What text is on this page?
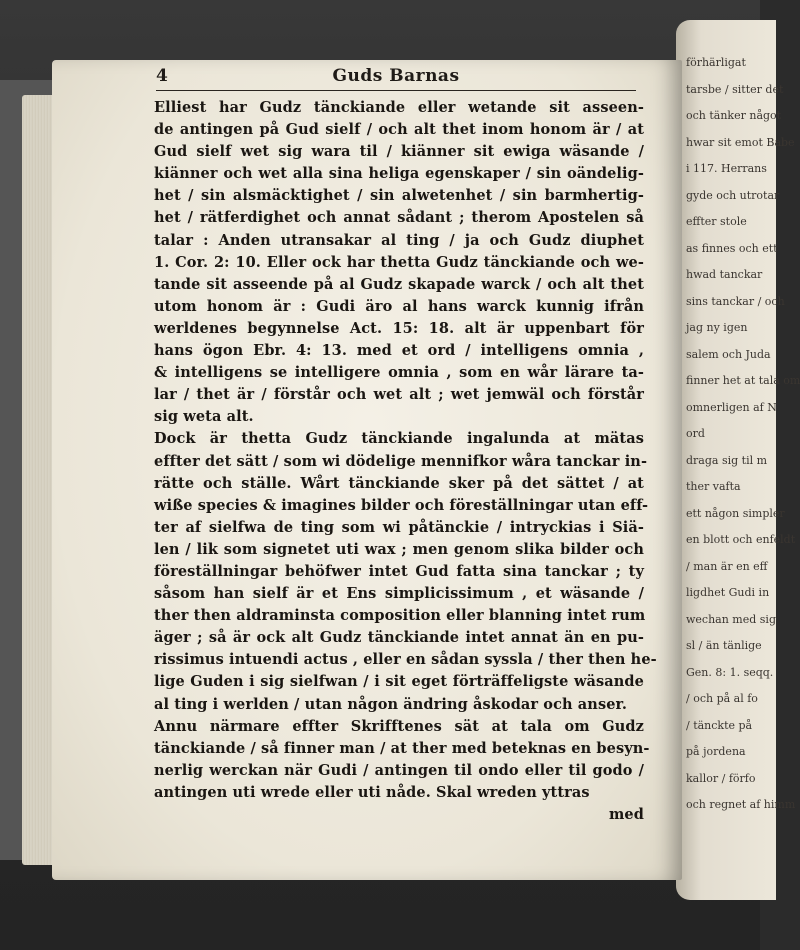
förhärligat
tarsbe / sitter det
och tänker något
hwar sit emot Babe
i 117. Herrans
gyde och utrotar
effter stole
as finnes och ett
hwad tanckar
sins tanckar / och
jag ny igen
salem och Juda
finner het at tala om
omnerligen af N
ord
draga sig til m
ther vafta
ett någon simpler
en blott och enfeldt
/ man är en eff
ligdhet Gudi in
wechan med sig
sl / än tänlige
Gen. 8: 1. seqq.
/ och på al fo
/ tänckte på
på jordena
kallor / förfo
och regnet af himm
4	Guds Barnas
Elliest har Gudz tänckiande eller wetande sit asseen-
de antingen på Gud sielf / och alt thet inom honom är / at
Gud sielf wet sig wara til / kiänner sit ewiga wäsande /
kiänner och wet alla sina heliga egenskaper / sin oändelig-
het / sin alsmäcktighet / sin alwetenhet / sin barmhertig-
het / rätferdighet och annat sådant ; therom Apostelen så
talar : Anden utransakar al ting / ja och Gudz diuphet
1. Cor. 2: 10. Eller ock har thetta Gudz tänckiande och we-
tande sit asseende på al Gudz skapade warck / och alt thet
utom honom är : Gudi äro al hans warck kunnig ifrån
werldenes begynnelse Act. 15: 18. alt är uppenbart för
hans ögon Ebr. 4: 13. med et ord / intelligens omnia ,
& intelligens se intelligere omnia , som en wår lärare ta-
lar / thet är / förstår och wet alt ; wet jemwäl och förstår
sig weta alt.
Dock är thetta Gudz tänckiande ingalunda at mätas
effter det sätt / som wi dödelige mennifkor wåra tanckar in-
rätte och ställe. Wårt tänckiande sker på det sättet / at
wiße species & imagines bilder och föreställningar utan eff-
ter af sielfwa de ting som wi påtänckie / intryckias i Siä-
len / lik som signetet uti wax ; men genom slika bilder och
föreställningar behöfwer intet Gud fatta sina tanckar ; ty
såsom han sielf är et Ens simplicissimum , et wäsande /
ther then aldraminsta composition eller blanning intet rum
äger ; så är ock alt Gudz tänckiande intet annat än en pu-
rissimus intuendi actus , eller en sådan syssla / ther then he-
lige Guden i sig sielfwan / i sit eget förträffeligste wäsande
al ting i werlden / utan någon ändring åskodar och anser.
Annu närmare effter Skrifftenes sät at tala om Gudz
tänckiande / så finner man / at ther med beteknas en besyn-
nerlig werckan när Gudi / antingen til ondo eller til godo /
antingen uti wrede eller uti nåde. Skal wreden yttras
med
